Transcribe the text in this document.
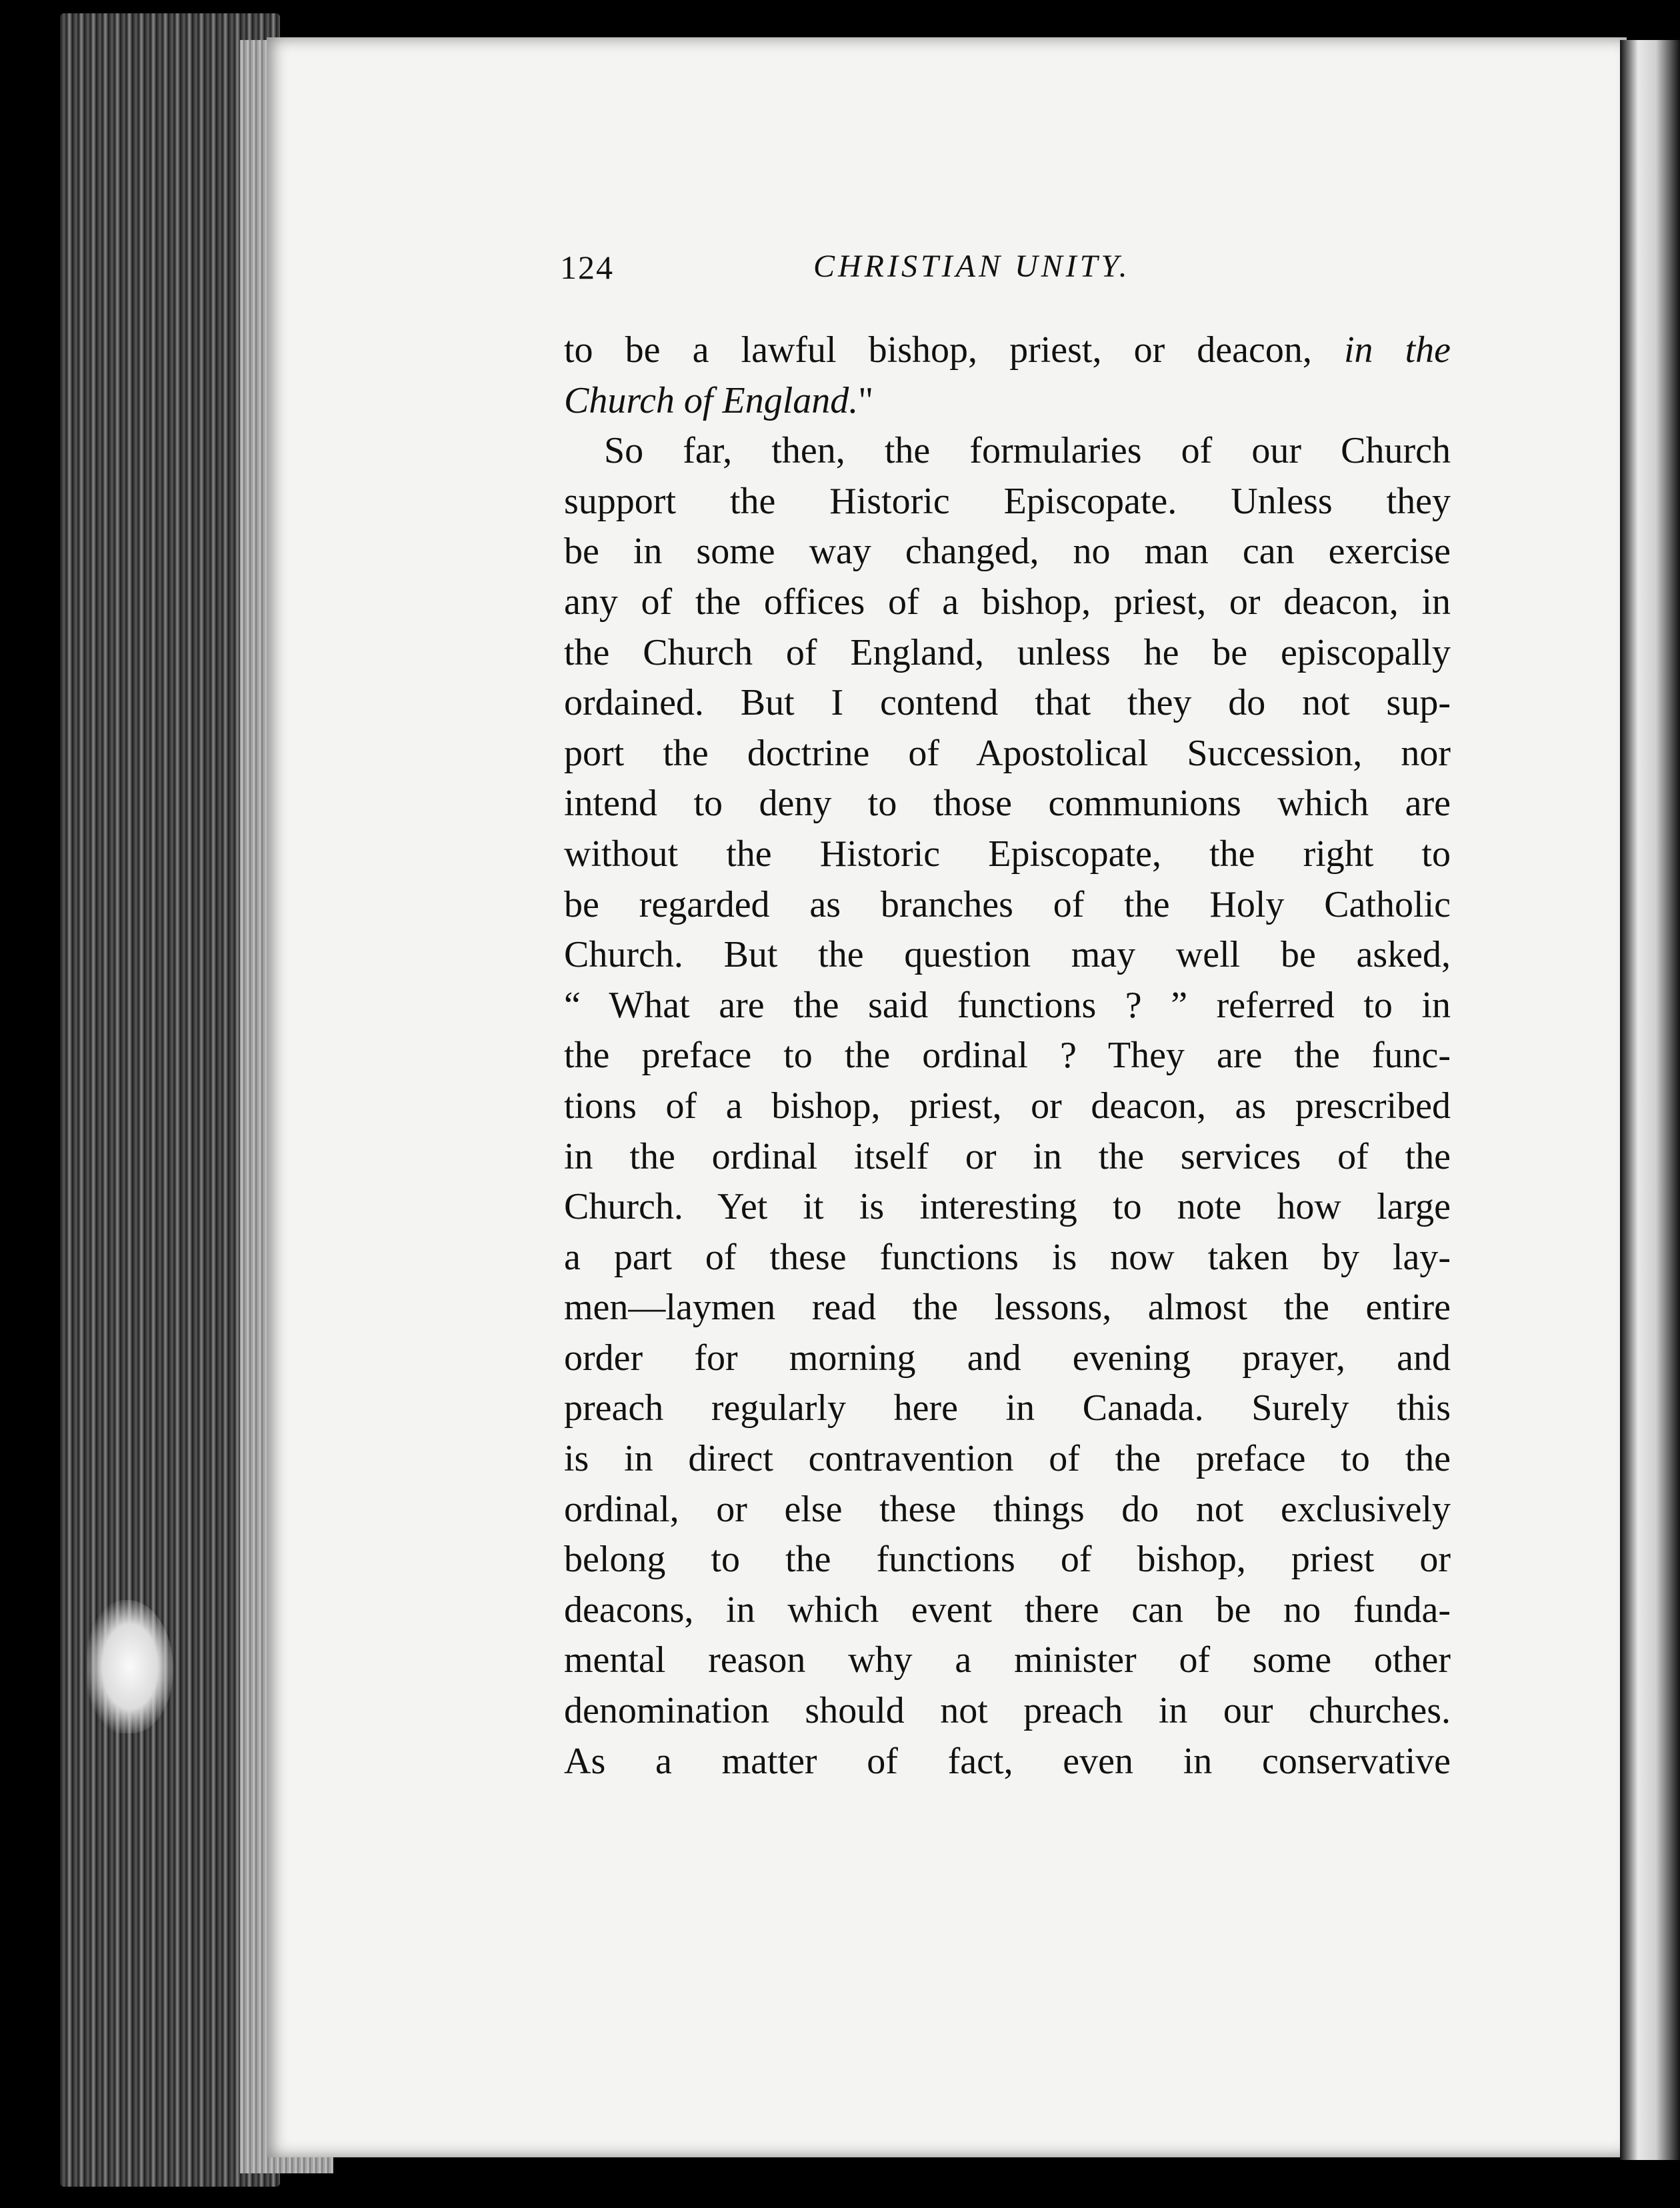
124	CHRISTIAN UNITY.
to be a lawful bishop, priest, or deacon, in the
Church of England."
So far, then, the formularies of our Church
support the Historic Episcopate. Unless they
be in some way changed, no man can exercise
any of the offices of a bishop, priest, or deacon, in
the Church of England, unless he be episcopally
ordained. But I contend that they do not sup-
port the doctrine of Apostolical Succession, nor
intend to deny to those communions which are
without the Historic Episcopate, the right to
be regarded as branches of the Holy Catholic
Church. But the question may well be asked,
“ What are the said functions ? ” referred to in
the preface to the ordinal ? They are the func-
tions of a bishop, priest, or deacon, as prescribed
in the ordinal itself or in the services of the
Church. Yet it is interesting to note how large
a part of these functions is now taken by lay-
men—laymen read the lessons, almost the entire
order for morning and evening prayer, and
preach regularly here in Canada. Surely this
is in direct contravention of the preface to the
ordinal, or else these things do not exclusively
belong to the functions of bishop, priest or
deacons, in which event there can be no funda-
mental reason why a minister of some other
denomination should not preach in our churches.
As a matter of fact, even in conservative
